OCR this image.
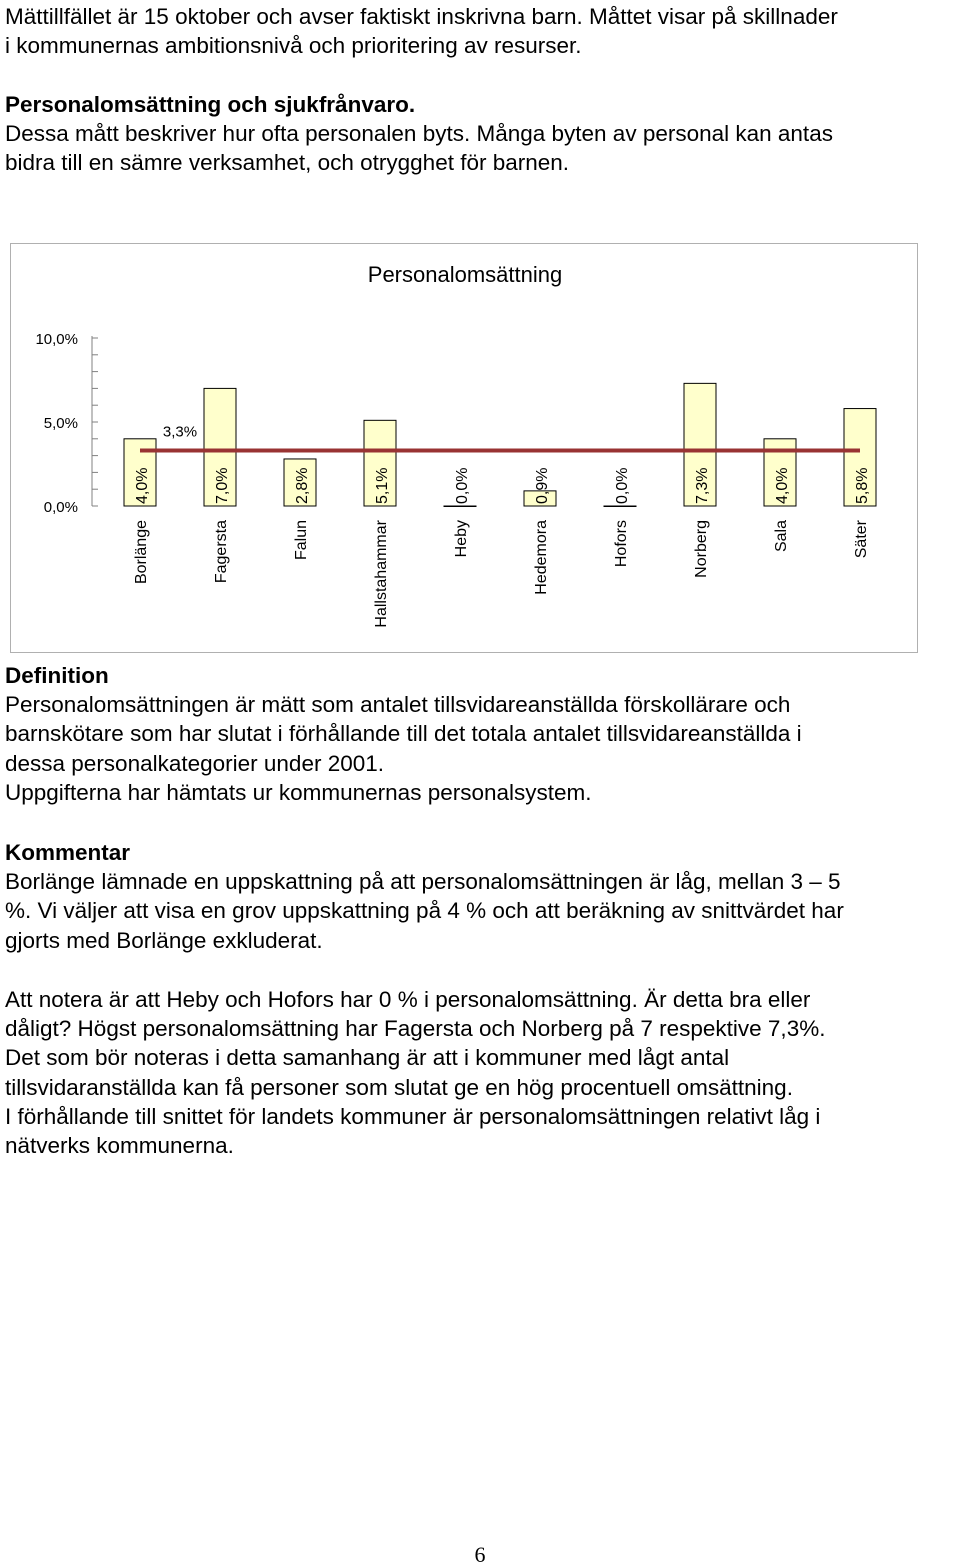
Mättillfället är 15 oktober och avser faktiskt inskrivna barn. Måttet visar på skillnader

i kommunernas ambitionsnivå och prioritering av resurser.

Personalomsättning och sjukfrånvaro.

Dessa mått beskriver hur ofta personalen byts. Många byten av personal kan antas

bidra till en sämre verksamhet, och otrygghet för barnen.

Personalomsättning
0,0%
5,0%
10,0%
3,3%
4,0%
Borlänge
7,0%
Fagersta
2,8%
Falun
5,1%
Hallstahammar
0,0%
Heby
0,9%
Hedemora
0,0%
Hofors
7,3%
Norberg
4,0%
Sala
5,8%
Säter

Definition

Personalomsättningen är mätt som antalet tillsvidareanställda förskollärare och

barnskötare som har slutat i förhållande till det totala antalet tillsvidareanställda i

dessa personalkategorier under 2001.

Uppgifterna har hämtats ur kommunernas personalsystem.

Kommentar

Borlänge lämnade en uppskattning på att personalomsättningen är låg, mellan 3 – 5

%. Vi väljer att visa en grov uppskattning på 4 % och att beräkning av snittvärdet har

gjorts med Borlänge exkluderat.

Att notera är att Heby och Hofors har 0 % i personalomsättning. Är detta bra eller

dåligt? Högst personalomsättning har Fagersta och Norberg på 7 respektive 7,3%.

Det som bör noteras i detta samanhang är att i kommuner med lågt antal

tillsvidaranställda kan få personer som slutat ge en hög procentuell omsättning.

I förhållande till snittet för landets kommuner är personalomsättningen relativt låg i

nätverks kommunerna.

6
